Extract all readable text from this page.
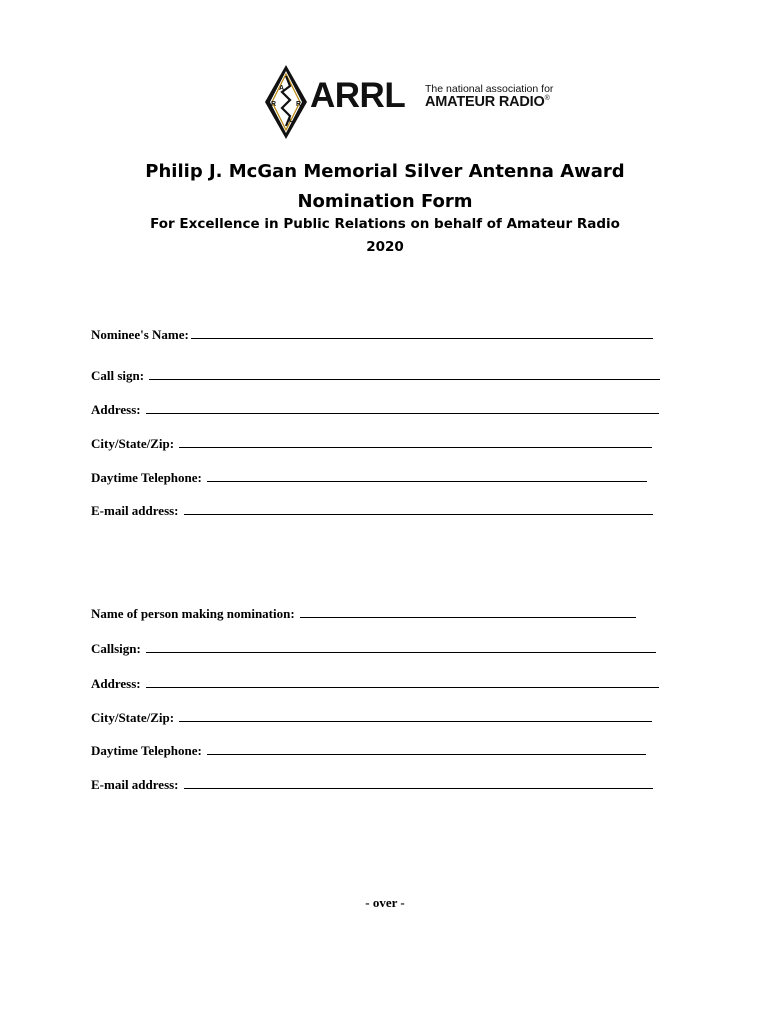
A
R	R
L
ARRL The national association for
AMATEUR RADIO®
Philip J. McGan Memorial Silver Antenna Award
Nomination Form
For Excellence in Public Relations on behalf of Amateur Radio
2020
Nominee's Name:
Call sign:
Address:
City/State/Zip:
Daytime Telephone:
E-mail address:
Name of person making nomination:
Callsign:
Address:
City/State/Zip:
Daytime Telephone:
E-mail address:
- over -
